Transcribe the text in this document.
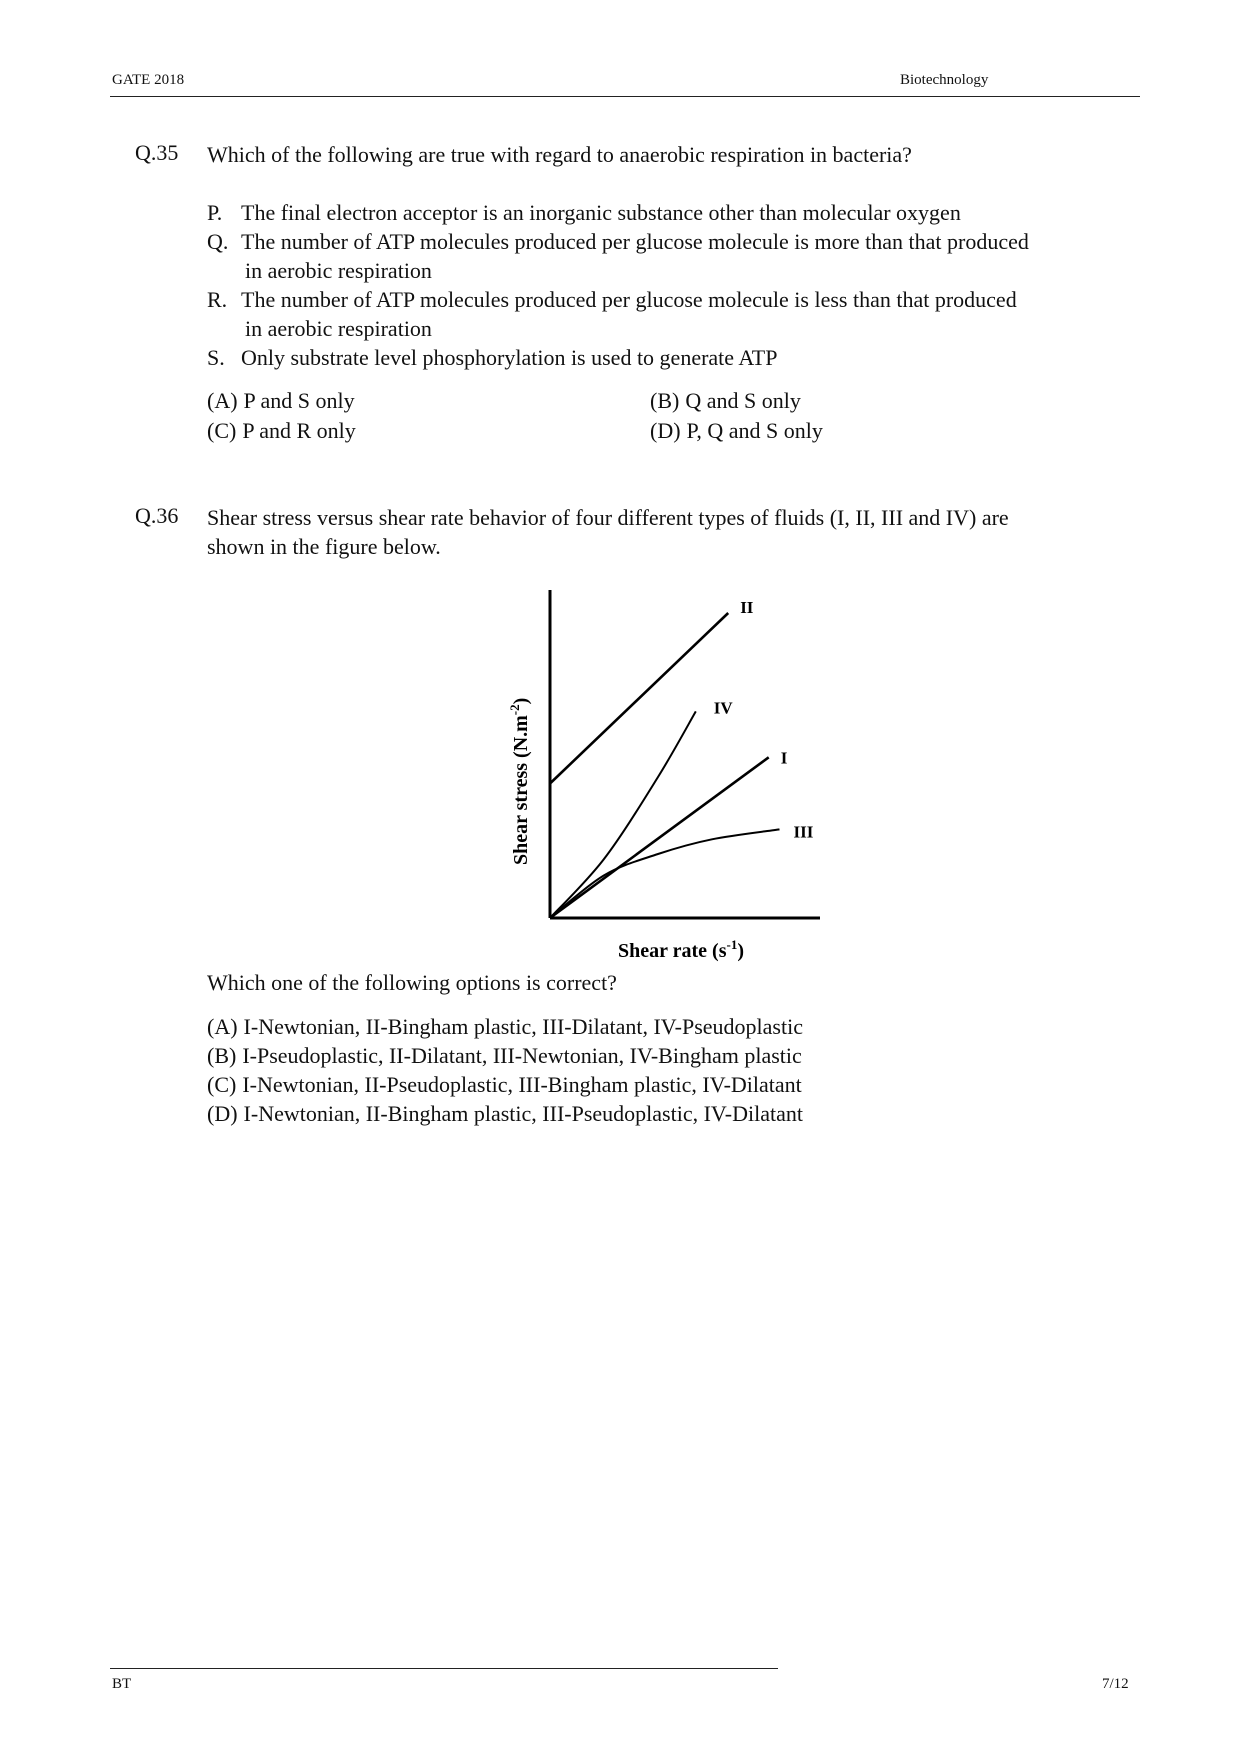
GATE 2018	Biotechnology
Q.35 Which of the following are true with regard to anaerobic respiration in bacteria?
P. The final electron acceptor is an inorganic substance other than molecular oxygen
Q. The number of ATP molecules produced per glucose molecule is more than that produced
in aerobic respiration
R. The number of ATP molecules produced per glucose molecule is less than that produced
in aerobic respiration
S. Only substrate level phosphorylation is used to generate ATP
(A) P and S only	(B) Q and S only
(C) P and R only	(D) P, Q and S only
Q.36 Shear stress versus shear rate behavior of four different types of fluids (I, II, III and IV) are
shown in the figure below.
Shear rate $(s^{-1})$
Shear stress $(N.m^{-2})$
II
IV
I
III
Which one of the following options is correct?
(A) I-Newtonian, II-Bingham plastic, III-Dilatant, IV-Pseudoplastic
(B) I-Pseudoplastic, II-Dilatant, III-Newtonian, IV-Bingham plastic
(C) I-Newtonian, II-Pseudoplastic, III-Bingham plastic, IV-Dilatant
(D) I-Newtonian, II-Bingham plastic, III-Pseudoplastic, IV-Dilatant
BT	7/12
